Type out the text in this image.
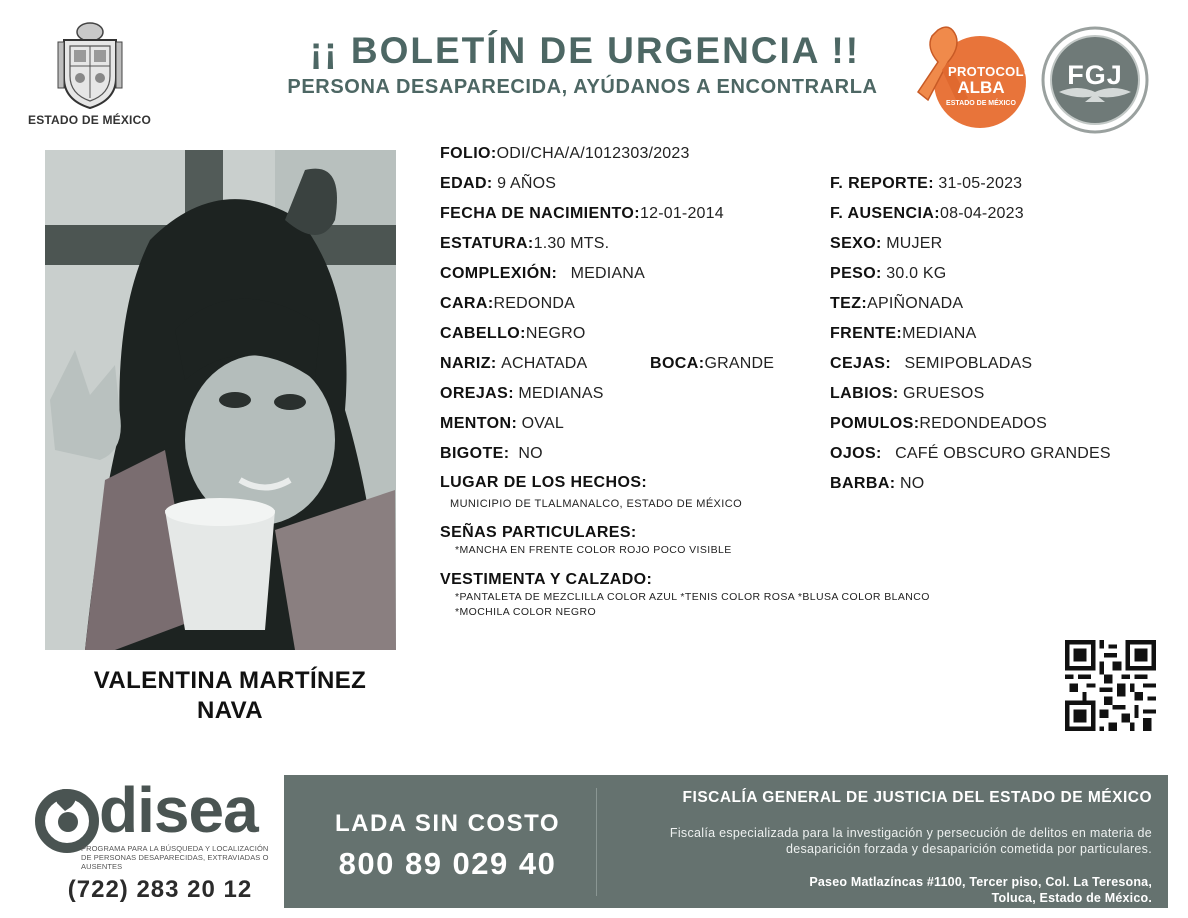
ESTADO DE MÉXICO
¡¡ BOLETÍN DE URGENCIA !!
PERSONA DESAPARECIDA, AYÚDANOS A ENCONTRARLA
PROTOCOLO
ALBA
ESTADO DE MÉXICO
FGJ
VALENTINA MARTÍNEZ
NAVA
FOLIO:ODI/CHA/A/1012303/2023
EDAD: 9 AÑOS
FECHA DE NACIMIENTO:12-01-2014
ESTATURA:1.30 MTS.
COMPLEXIÓN: MEDIANA
CARA:REDONDA
CABELLO:NEGRO
NARIZ: ACHATADA	BOCA:GRANDE
OREJAS: MEDIANAS
MENTON: OVAL
BIGOTE: NO
F. REPORTE: 31-05-2023
F. AUSENCIA:08-04-2023
SEXO: MUJER
PESO: 30.0 KG
TEZ:APIÑONADA
FRENTE:MEDIANA
CEJAS: SEMIPOBLADAS
LABIOS: GRUESOS
POMULOS:REDONDEADOS
OJOS: CAFÉ OBSCURO GRANDES
BARBA: NO
LUGAR DE LOS HECHOS:
MUNICIPIO DE TLALMANALCO, ESTADO DE MÉXICO
SEÑAS PARTICULARES:
*MANCHA EN FRENTE COLOR ROJO POCO VISIBLE
VESTIMENTA Y CALZADO:
*PANTALETA DE MEZCLILLA COLOR AZUL *TENIS COLOR ROSA *BLUSA COLOR BLANCO
*MOCHILA COLOR NEGRO
disea
PROGRAMA PARA LA BÚSQUEDA Y LOCALIZACIÓN DE PERSONAS DESAPARECIDAS, EXTRAVIADAS O AUSENTES
(722) 283 20 12
LADA SIN COSTO
800 89 029 40
FISCALÍA GENERAL DE JUSTICIA DEL ESTADO DE MÉXICO
Fiscalía especializada para la investigación y persecución de delitos en materia de desaparición forzada y desaparición cometida por particulares.
Paseo Matlazíncas #1100, Tercer piso, Col. La Teresona,
Toluca, Estado de México.
